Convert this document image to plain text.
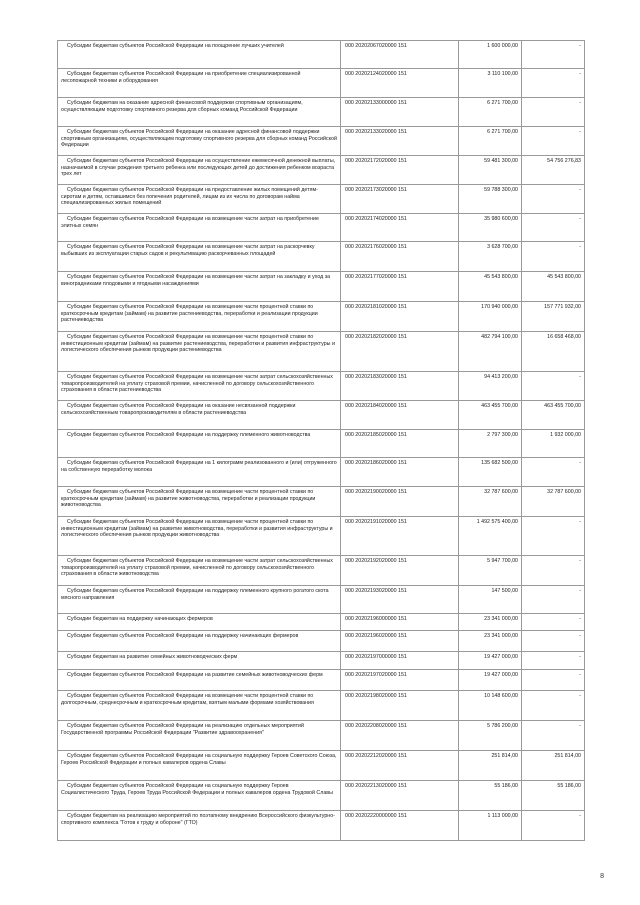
Субсидии бюджетам субъектов Российской Федерации на поощрение лучших учителей	000 20202067020000 151	1 600 000,00	-
Субсидии бюджетам субъектов Российской Федерации на приобретение специализированной лесопожарной техники и оборудования	000 20202124020000 151	3 110 100,00	-
Субсидии бюджетам на оказание адресной финансовой поддержки спортивным организациям, осуществляющим подготовку спортивного резерва для сборных команд Российской Федерации	000 20202133000000 151	6 271 700,00	-
Субсидии бюджетам субъектов Российской Федерации на оказание адресной финансовой поддержки спортивным организациям, осуществляющим подготовку спортивного резерва для сборных команд Российской Федерации	000 20202133020000 151	6 271 700,00	-
Субсидии бюджетам субъектов Российской Федерации на осуществление ежемесячной денежной выплаты, назначаемой в случае рождения третьего ребенка или последующих детей до достижения ребенком возраста трех лет	000 20202172020000 151	59 481 300,00	54 756 276,83
Субсидии бюджетам субъектов Российской Федерации на предоставление жилых помещений детям-сиротам и детям, оставшимся без попечения родителей, лицам из их числа по договорам найма специализированных жилых помещений	000 20202173020000 151	59 788 300,00	-
Субсидии бюджетам субъектов Российской Федерации на возмещение части затрат на приобретение элитных семян	000 20202174020000 151	35 980 600,00	-
Субсидии бюджетам субъектов Российской Федерации на возмещение части затрат на раскорчевку выбывших из эксплуатации старых садов и рекультивацию раскорчеванных площадей	000 20202176020000 151	3 628 700,00	-
Субсидии бюджетам субъектов Российской Федерации на возмещение части затрат на закладку и уход за виноградниками плодовыми и ягодными насаждениями	000 20202177020000 151	45 543 800,00	45 543 800,00
Субсидии бюджетам субъектов Российской Федерации на возмещение части процентной ставки по краткосрочным кредитам (займам) на развитие растениеводства, переработки и реализации продукции растениеводства	000 20202181020000 151	170 940 000,00	157 771 932,00
Субсидии бюджетам субъектов Российской Федерации на возмещение части процентной ставки по инвестиционным кредитам (займам) на развитие растениеводства, переработки и развития инфраструктуры и логистического обеспечения рынков продукции растениеводства	000 20202182020000 151	482 794 100,00	16 658 468,00
Субсидии бюджетам субъектов Российской Федерации на возмещение части затрат сельскохозяйственных товаропроизводителей на уплату страховой премии, начисленной по договору сельскохозяйственного страхования в области растениеводства	000 20202183020000 151	94 413 200,00	-
Субсидии бюджетам субъектов Российской Федерации на оказание несвязанной поддержки сельскохозяйственным товаропроизводителям в области растениеводства	000 20202184020000 151	463 455 700,00	463 455 700,00
Субсидии бюджетам субъектов Российской Федерации на поддержку племенного животноводства	000 20202185020000 151	2 797 300,00	1 932 000,00
Субсидии бюджетам субъектов Российской Федерации на 1 килограмм реализованного и (или) отгруженного на собственную переработку молока	000 20202186020000 151	135 682 500,00	-
Субсидии бюджетам субъектов Российской Федерации на возмещение части процентной ставки по краткосрочным кредитам (займам) на развитие животноводства, переработки и реализации продукции животноводства	000 20202190020000 151	32 787 600,00	32 787 600,00
Субсидии бюджетам субъектов Российской Федерации на возмещение части процентной ставки по инвестиционным кредитам (займам) на развитие животноводства, переработки и развития инфраструктуры и логистического обеспечения рынков продукции животноводства	000 20202191020000 151	1 492 575 400,00	-
Субсидии бюджетам субъектов Российской Федерации на возмещение части затрат сельскохозяйственных товаропроизводителей на уплату страховой премии, начисленной по договору сельскохозяйственного страхования в области животноводства	000 20202192020000 151	5 947 700,00	-
Субсидии бюджетам субъектов Российской Федерации на поддержку племенного крупного рогатого скота мясного направления	000 20202193020000 151	147 500,00	-
Субсидии бюджетам на поддержку начинающих фермеров	000 20202196000000 151	23 341 000,00	-
Субсидии бюджетам субъектов Российской Федерации на поддержку начинающих фермеров	000 20202196020000 151	23 341 000,00	-
Субсидии бюджетам на развитие семейных животноводческих ферм	000 20202197000000 151	19 427 000,00	-
Субсидии бюджетам субъектов Российской Федерации на развитие семейных животноводческих ферм	000 20202197020000 151	19 427 000,00	-
Субсидии бюджетам субъектов Российской Федерации на возмещение части процентной ставки по долгосрочным, среднесрочным и краткосрочным кредитам, взятым малыми формами хозяйствования	000 20202198020000 151	10 148 600,00	-
Субсидии бюджетам субъектов Российской Федерации на реализацию отдельных мероприятий Государственной программы Российской Федерации "Развитие здравоохранения"	000 20202208020000 151	5 786 200,00	-
Субсидии бюджетам субъектов Российской Федерации на социальную поддержку Героев Советского Союза, Героев Российской Федерации и полных кавалеров ордена Славы	000 20202212020000 151	251 814,00	251 814,00
Субсидии бюджетам субъектов Российской Федерации на социальную поддержку Героев Социалистического Труда, Героев Труда Российской Федерации и полных кавалеров ордена Трудовой Славы	000 20202213020000 151	55 186,00	55 186,00
Субсидии бюджетам на реализацию мероприятий по поэтапному внедрению Всероссийского физкультурно-спортивного комплекса "Готов к труду и обороне" (ГТО)	000 20202220000000 151	1 113 000,00	-
8
